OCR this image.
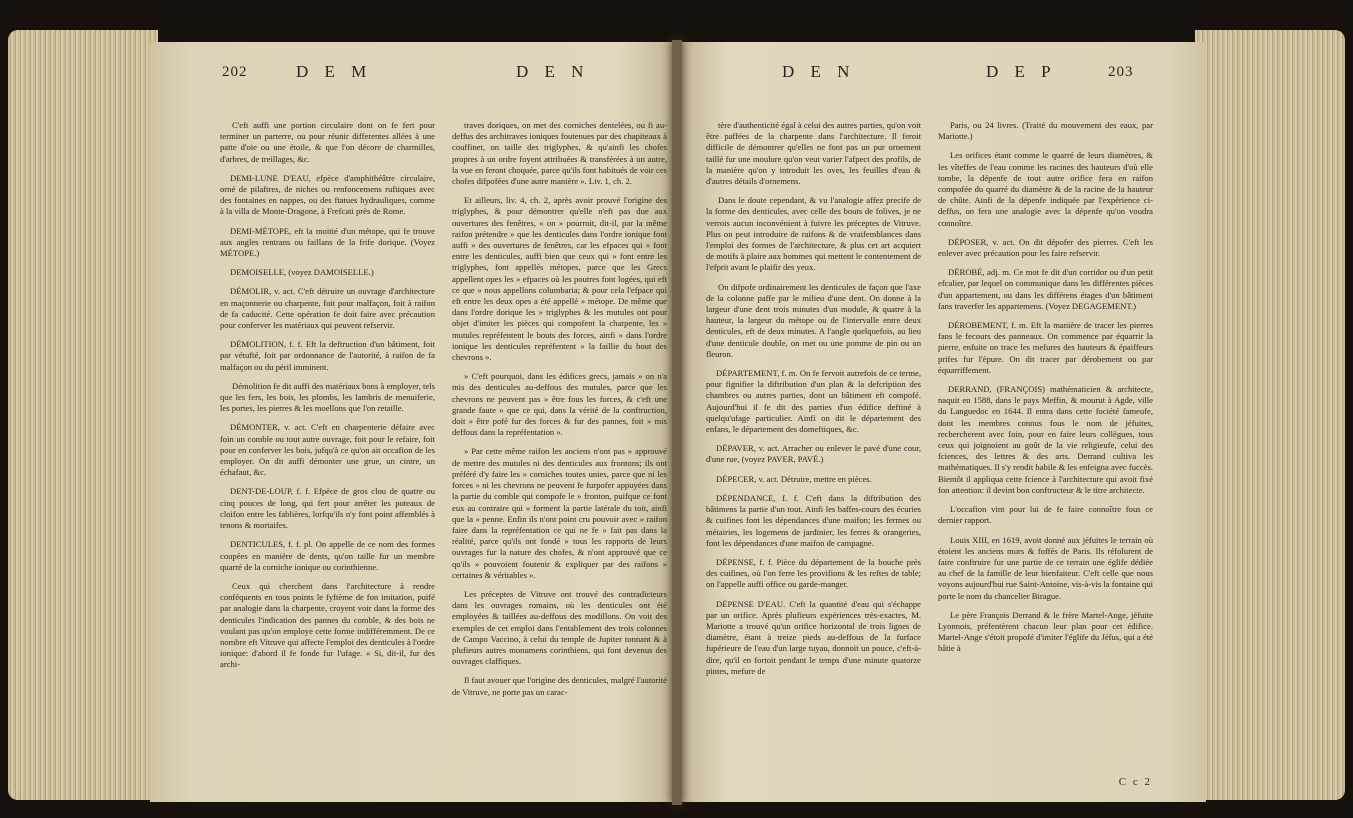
202	D E M	D E N

C'eft auffi une portion circulaire dont on fe fert pour terminer un parterre, ou pour réunir differentes allées à une patte d'oie ou une étoile, & que l'on décore de charmilles, d'arbres, de treillages, &c.

DEMI-LUNE D'EAU, efpèce d'amphithéâtre circulaire, orné de pilaftres, de niches ou renfoncemens ruftiques avec des fontaines en nappes, ou des ftatues hydrauliques, comme à la villa de Monte-Dragone, à Frefcati près de Rome.

DEMI-MÉTOPE, eft la moitié d'un métope, qui fe trouve aux angles rentrans ou faillans de la frife dorique. (Voyez MÉTOPE.)

DEMOISELLE, (voyez DAMOISELLE.)

DÉMOLIR, v. act. C'eft détruire un ouvrage d'architecture en maçonnerie ou charpente, foit pour malfaçon, foit à raifon de fa caducité. Cette opération fe doit faire avec précaution pour conferver les matériaux qui peuvent refservir.

DÉMOLITION, f. f. Eft la deftruction d'un bâtiment, foit par vétufté, foit par ordonnance de l'autorité, à raifon de fa malfaçon ou du péril imminent.

Démolition fe dit auffi des matériaux bons à employer, tels que les fers, les bois, les plombs, les lambris de menuiferie, les portes, les pierres & les moellons que l'on retaille.

DÉMONTER, v. act. C'eft en charpenterie défaire avec foin un comble ou tout autre ouvrage, foit pour le refaire, foit pour en conferver les bois, jufqu'à ce qu'on ait occafion de les employer. On dit auffi démonter une grue, un cintre, un échafaut, &c.

DENT-DE-LOUP, f. f. Efpèce de gros clou de quatre ou cinq pouces de long, qui fert pour arrêter les poteaux de cloifon entre les fablières, lorfqu'ils n'y font point affemblés à tenons & mortaifes.

DENTICULES, f. f. pl. On appelle de ce nom des formes coupées en manière de dents, qu'on taille fur un membre quarré de la corniche ionique ou corinthienne.

Ceux qui cherchent dans l'architecture à rendre conféquents en tous points le fyftème de fon imitation, puifé par analogie dans la charpente, croyent voir dans la forme des denticules l'indication des pannes du comble, & des bois ne voulant pas qu'on employe cette forme indifféremment. De ce nombre eft Vitruve qui affecte l'emploi des denticules à l'ordre ionique: d'abord il fe fonde fur l'ufage. « Si, dit-il, fur des archi-

traves doriques, on met des corniches dentelées, ou fi au-deffus des architraves ioniques foutenues par des chapiteaux à couffinet, on taille des triglyphes, & qu'ainfi les chofes propres à un ordre foyent attribuées & transférées à un autre, la vue en feront choquée, parce qu'ils font habitués de voir ces chofes difpofées d'une autre manière ». Liv. 1, ch. 2.

Et ailleurs, liv. 4, ch. 2, après avoir prouvé l'origine des triglyphes, & pour démontrer qu'elle n'eft pas due aux ouvertures des fenêtres, « on » pourroit, dit-il, par la même raifon prétendre » que les denticules dans l'ordre ionique font auffi » des ouvertures de fenêtres, car les efpaces qui » font entre les denticules, auffi bien que ceux qui » font entre les triglyphes, font appellés métopes, parce que les Grecs appellent opes les » efpaces où les poutres font logées, qui eft ce que » nous appellons columbaria; & pour cela l'efpace qui eft entre les deux opes a été appellé » métope. De même que dans l'ordre dorique les » triglyphes & les mutules ont pour objet d'imiter les pièces qui compofent la charpente, les » mutules repréfentent le bouts des forces, ainfi » dans l'ordre ionique les denticules repréfentent » la faillie du bout des chevrons ».

» C'eft pourquoi, dans les édifices grecs, jamais » on n'a mis des denticules au-deffous des mutules, parce que les chevrons ne peuvent pas » être fous les forces, & c'eft une grande faute » que ce qui, dans la vérité de la conftruction, doit » être pofé fur des forces & fur des pannes, foit » mis deffous dans la repréfentation ».

» Par cette même raifon les anciens n'ont pas » approuvé de mettre des mutules ni des denticules aux frontons; ils ont préféré d'y faire les » corniches toutes unies, parce que ni les forces » ni les chevrons ne peuvent fe furpofer appuyées dans la partie du comble qui compofe le » fronton, puifque ce font eux au contraire qui » forment la partie latérale du toit, ainfi que la » penne. Enfin ils n'ont point cru pouvoir avec » raifon faire dans la repréfentation ce qui ne fe » fait pas dans la réalité, parce qu'ils ont fondé » tous les rapports de leurs ouvrages fur la nature des chofes, & n'ont approuvé que ce qu'ils » pouvoient foutenir & expliquer par des raifons » certaines & véritables ».

Les préceptes de Vitruve ont trouvé des contradicteurs dans les ouvrages romains, où les denticules ont été employées & taillées au-deffous des modillons. On voit des exemples de cet emploi dans l'entablement des trois colonnes de Campo Vaccino, à celui du temple de Jupiter tonnant & à plufieurs autres monumens corinthiens, qui font devenus des ouvrages claffiques.

Il faut avouer que l'origine des denticules, malgré l'autorité de Vitruve, ne porte pas un carac-

D E N	D E P	203

tère d'authenticité égal à celui des autres parties, qu'on voit être paffées de la charpente dans l'architecture. Il feroit difficile de démontrer qu'elles ne font pas un pur ornement taillé fur une moulure qu'on veut varier l'afpect des profils, de la manière qu'on y introduit les oves, les feuilles d'eau & d'autres détails d'ornemens.

Dans le doute cependant, & vu l'analogie affez precife de la forme des denticules, avec celle des bouts de folives, je ne verrois aucun inconvénient à fuivre les préceptes de Vitruve. Plus on peut introduire de raifons & de vraifemblances dans l'emploi des formes de l'architecture, & plus cet art acquiert de motifs à plaire aux hommes qui mettent le contentement de l'efprit avant le plaifir des yeux.

On difpofe ordinairement les denticules de façon que l'axe de la colonne paffe par le milieu d'une dent. On donne à la largeur d'une dent trois minutes d'un module, & quatre à la hauteur, la largeur du métope ou de l'intervalle entre deux denticules, eft de deux minutes. A l'angle quelquefois, au lieu d'une denticule double, on met ou une pomme de pin ou un fleuron.

DÉPARTEMENT, f. m. On fe fervoit autrefois de ce terme, pour fignifier la diftribution d'un plan & la defcription des chambres ou autres parties, dont un bâtiment eft compofé. Aujourd'hui il fe dit des parties d'un édifice deftiné à quelqu'ufage particulier. Ainfi on dit le département des enfans, le département des domeftiques, &c.

DÉPAVER, v. act. Arracher ou enlever le pavé d'une cour, d'une rue, (voyez PAVER, PAVÉ.)

DÉPECER, v. act. Détruire, mettre en pièces.

DÉPENDANCE, f. f. C'eft dans la diftribution des bâtimens la partie d'un tout. Ainfi les baffes-cours des écuries & cuifines font les dépendances d'une maifon; les fermes ou métairies, les logemens de jardinier, les ferres & orangeries, font les dépendances d'une maifon de campagne.

DÉPENSE, f. f. Pièce du département de la bouche près des cuifines, où l'on ferre les provifions & les reftes de table; on l'appelle auffi office ou garde-manger.

DÉPENSE D'EAU. C'eft la quantité d'eau qui s'échappe par un orifice. Après plufieurs expériences très-exactes, M. Mariotte a trouvé qu'un orifice horizontal de trois lignes de diamètre, étant à treize pieds au-deffous de la furface fupérieure de l'eau d'un large tuyau, donnoit un pouce, c'eft-à-dire, qu'il en fortoit pendant le temps d'une minute quatorze pintes, mefure de

Paris, ou 24 livres. (Traité du mouvement des eaux, par Mariotte.)

Les orifices étant comme le quarré de leurs diamètres, & les vîteffes de l'eau comme les racines des hauteurs d'où elle tombe, la dépenfe de tout autre orifice fera en raifon compofée du quarré du diamètre & de la racine de la hauteur de chûte. Ainfi de la dépenfe indiquée par l'expérience ci-deffus, on fera une analogie avec la dépenfe qu'on voudra connoître.

DÉPOSER, v. act. On dit dépofer des pierres. C'eft les enlever avec précaution pour les faire refservir.

DÉROBÉ, adj. m. Ce mot fe dit d'un corridor ou d'un petit efcalier, par lequel on communique dans les différentes pièces d'un appartement, ou dans les différens étages d'un bâtiment fans traverfer les appartemens. (Voyez DEGAGEMENT.)

DÉROBEMENT, f. m. Eft la manière de tracer les pierres fans le fecours des panneaux. On commence par équarrir la pierre, enfuite on trace les mefures des hauteurs & épaiffeurs prifes fur l'épure. On dit tracer par dérobement ou par équarriffement.

DERRAND, (FRANÇOIS) mathématicien & architecte, naquit en 1588, dans le pays Meffin, & mourut à Agde, ville du Languedoc en 1644. Il entra dans cette fociété fameufe, dont les membres connus fous le nom de jéfuites, rechercherent avec foin, pour en faire leurs collègues, tous ceux qui joignoient au goût de la vie religieufe, celui des fciences, des lettres & des arts. Derrand cultiva les mathématiques. Il s'y rendit habile & les enfeigna avec fuccès. Bientôt il appliqua cette fcience à l'architecture qui avoit fixé fon attention: il devint bon conftructeur & le titre architecte.

L'occafion vint pour lui de fe faire connoître fous ce dernier rapport.

Louis XIII, en 1619, avoit donné aux jéfuites le terrain où étoient les anciens murs & foffés de Paris. Ils réfolurent de faire conftruire fur une partie de ce terrain une églife dédiée au chef de la famille de leur bienfaiteur. C'eft celle que nous voyons aujourd'hui rue Saint-Antoine, vis-à-vis la fontaine qui porte le nom du chancelier Birague.

Le père François Derrand & le frère Martel-Ange, jéfuite Lyonnois, préfentèrent chacun leur plan pour cet édifice. Martel-Ange s'étoit propofé d'imiter l'églife du Jéfus, qui a été bâtie à

C c 2
